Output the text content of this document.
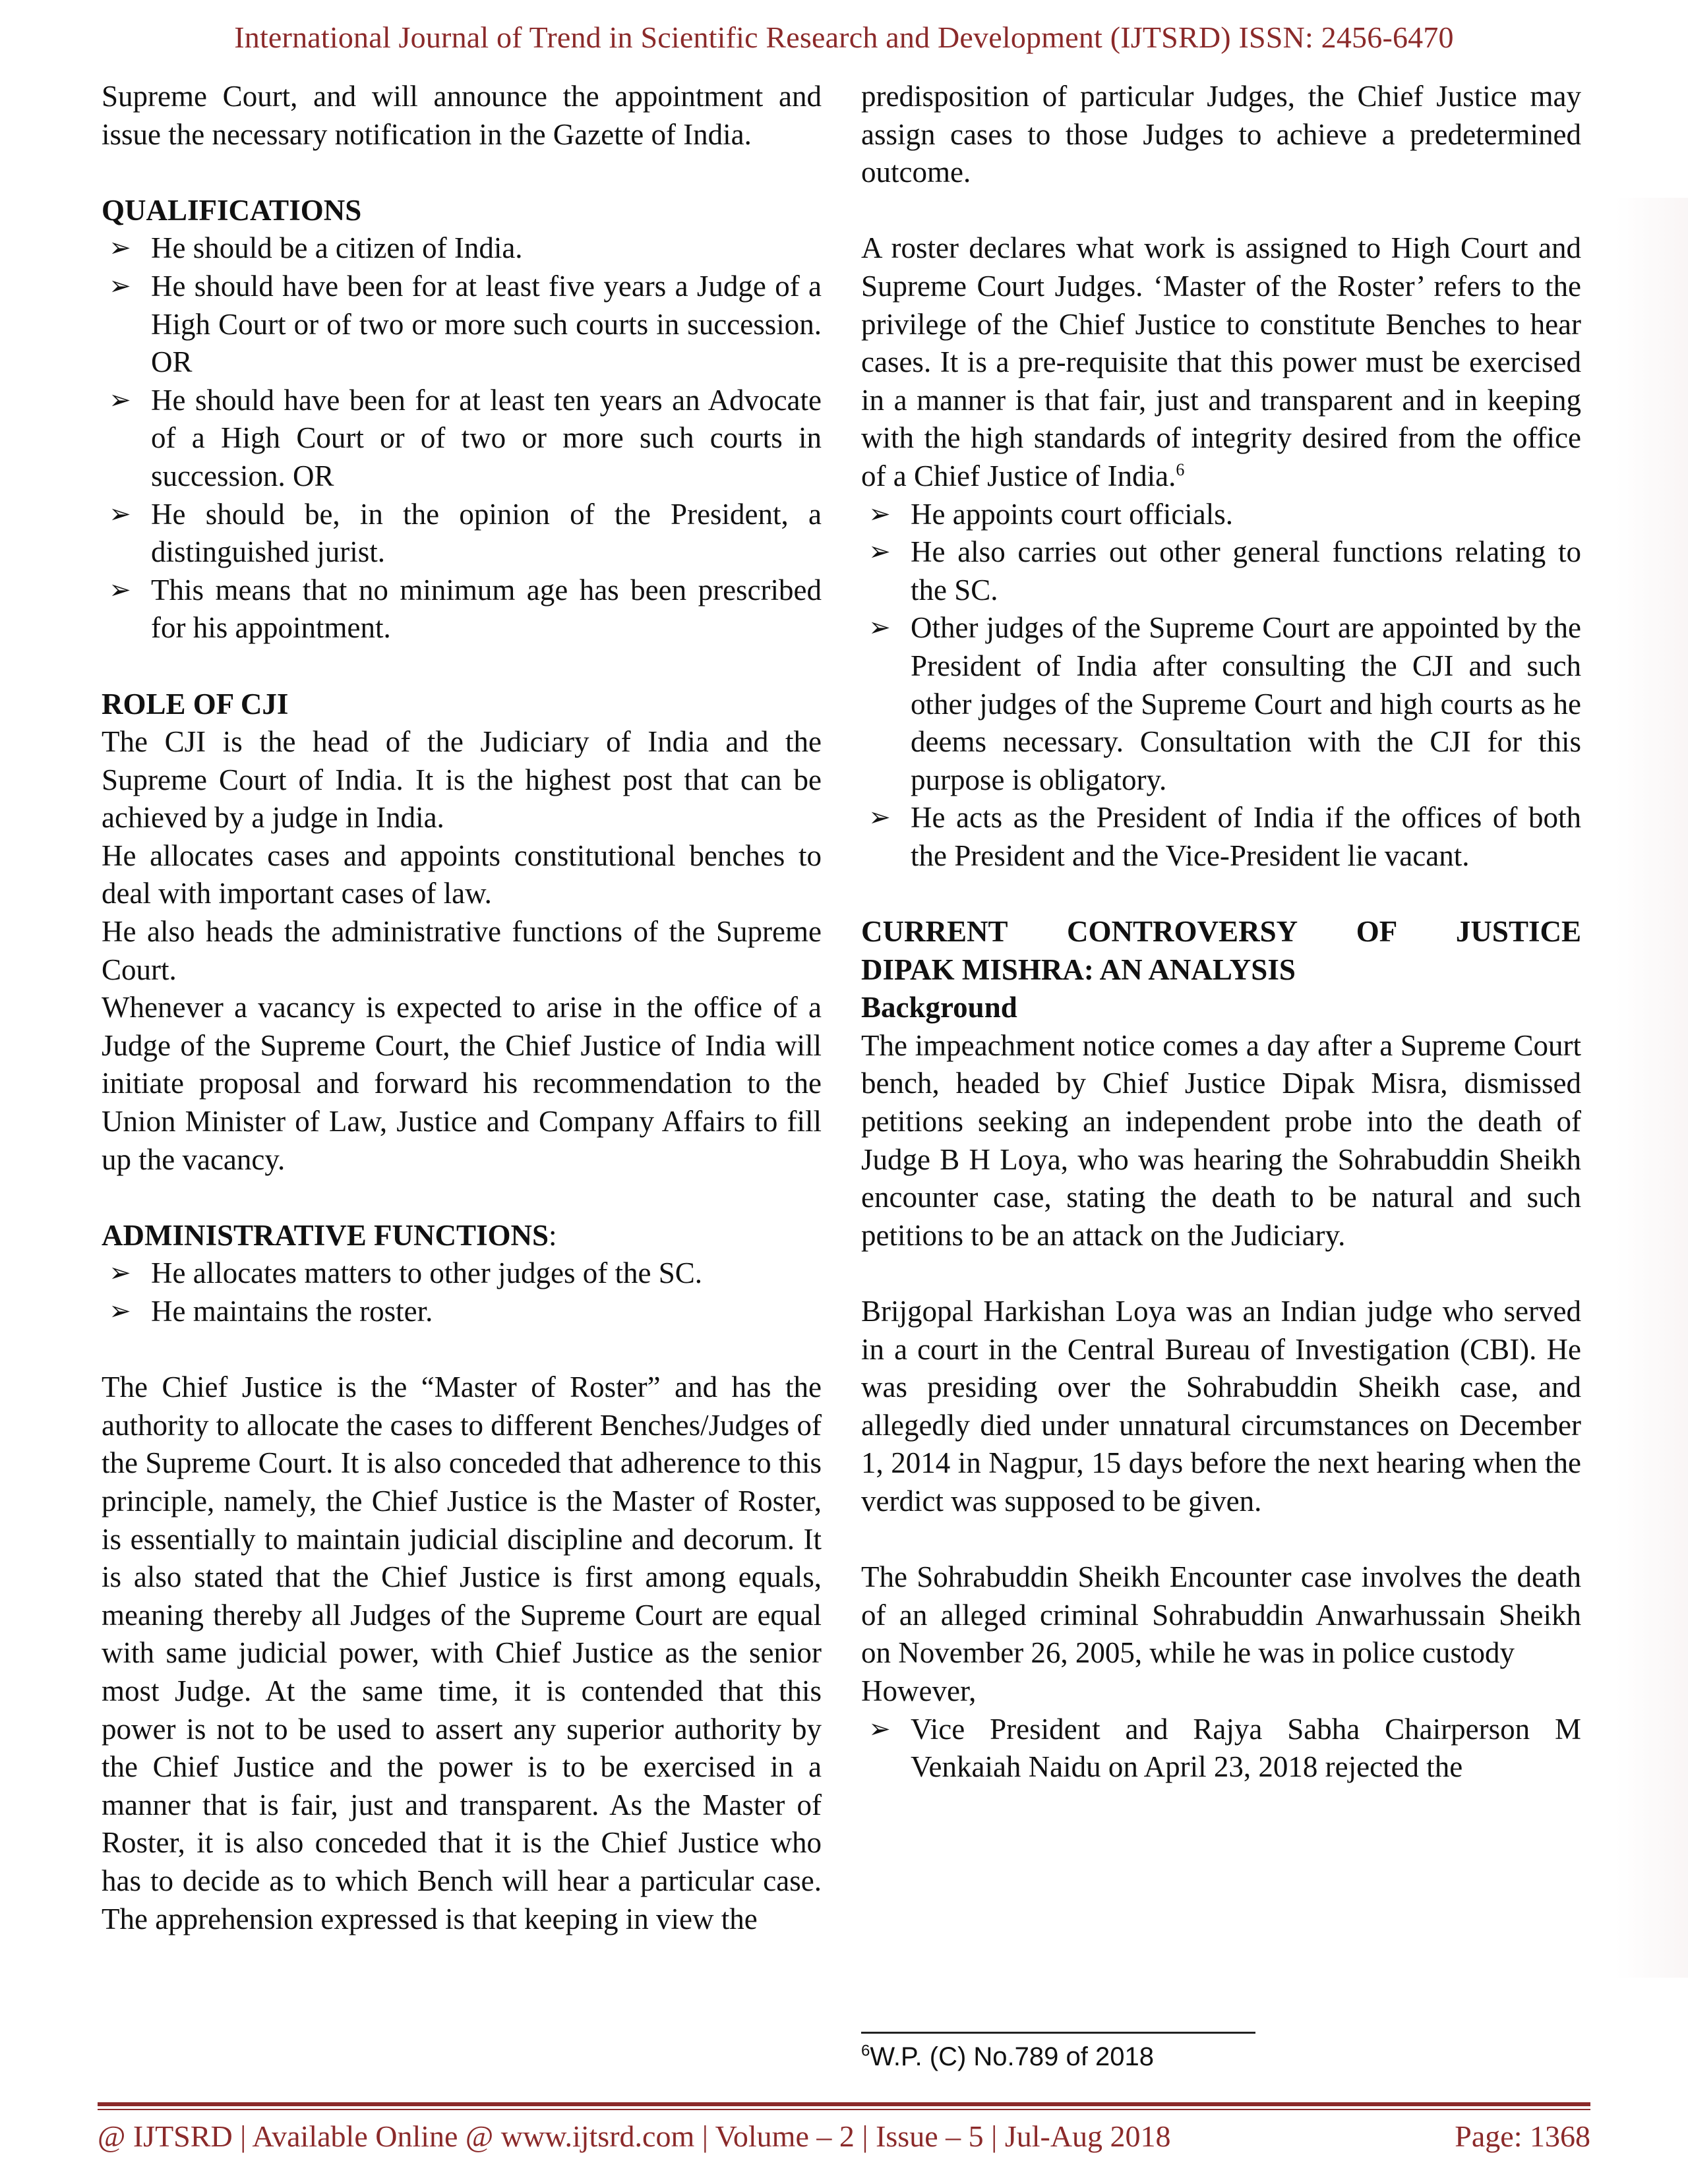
International Journal of Trend in Scientific Research and Development (IJTSRD) ISSN: 2456-6470

Supreme Court, and will announce the appointment and issue the necessary notification in the Gazette of India.

QUALIFICATIONS
➢ He should be a citizen of India.
➢ He should have been for at least five years a Judge of a High Court or of two or more such courts in succession. OR
➢ He should have been for at least ten years an Advocate of a High Court or of two or more such courts in succession. OR
➢ He should be, in the opinion of the President, a distinguished jurist.
➢ This means that no minimum age has been prescribed for his appointment.
ROLE OF CJI

The CJI is the head of the Judiciary of India and the Supreme Court of India. It is the highest post that can be achieved by a judge in India.

He allocates cases and appoints constitutional benches to deal with important cases of law.

He also heads the administrative functions of the Supreme Court.

Whenever a vacancy is expected to arise in the office of a Judge of the Supreme Court, the Chief Justice of India will initiate proposal and forward his recommendation to the Union Minister of Law, Justice and Company Affairs to fill up the vacancy.

ADMINISTRATIVE FUNCTIONS:
➢ He allocates matters to other judges of the SC.
➢ He maintains the roster.

The Chief Justice is the “Master of Roster” and has the authority to allocate the cases to different Benches/Judges of the Supreme Court. It is also conceded that adherence to this principle, namely, the Chief Justice is the Master of Roster, is essentially to maintain judicial discipline and decorum. It is also stated that the Chief Justice is first among equals, meaning thereby all Judges of the Supreme Court are equal with same judicial power, with Chief Justice as the senior most Judge. At the same time, it is contended that this power is not to be used to assert any superior authority by the Chief Justice and the power is to be exercised in a manner that is fair, just and transparent. As the Master of Roster, it is also conceded that it is the Chief Justice who has to decide as to which Bench will hear a particular case. The apprehension expressed is that keeping in view the

predisposition of particular Judges, the Chief Justice may assign cases to those Judges to achieve a predetermined outcome.

A roster declares what work is assigned to High Court and Supreme Court Judges. ‘Master of the Roster’ refers to the privilege of the Chief Justice to constitute Benches to hear cases. It is a pre-requisite that this power must be exercised in a manner is that fair, just and transparent and in keeping with the high standards of integrity desired from the office of a Chief Justice of India.$^6$

➢ He appoints court officials.
➢ He also carries out other general functions relating to the SC.
➢ Other judges of the Supreme Court are appointed by the President of India after consulting the CJI and such other judges of the Supreme Court and high courts as he deems necessary. Consultation with the CJI for this purpose is obligatory.
➢ He acts as the President of India if the offices of both the President and the Vice-President lie vacant.
CURRENT CONTROVERSY OF JUSTICE
DIPAK MISHRA: AN ANALYSIS
Background

The impeachment notice comes a day after a Supreme Court bench, headed by Chief Justice Dipak Misra, dismissed petitions seeking an independent probe into the death of Judge B H Loya, who was hearing the Sohrabuddin Sheikh encounter case, stating the death to be natural and such petitions to be an attack on the Judiciary.

Brijgopal Harkishan Loya was an Indian judge who served in a court in the Central Bureau of Investigation (CBI). He was presiding over the Sohrabuddin Sheikh case, and allegedly died under unnatural circumstances on December 1, 2014 in Nagpur, 15 days before the next hearing when the verdict was supposed to be given.

The Sohrabuddin Sheikh Encounter case involves the death of an alleged criminal Sohrabuddin Anwarhussain Sheikh on November 26, 2005, while he was in police custody

However,

➢ Vice President and Rajya Sabha Chairperson M Venkaiah Naidu on April 23, 2018 rejected the
$^6$W.P. (C) No.789 of 2018
@ IJTSRD | Available Online @ www.ijtsrd.com | Volume – 2 | Issue – 5 | Jul-Aug 2018	Page: 1368
